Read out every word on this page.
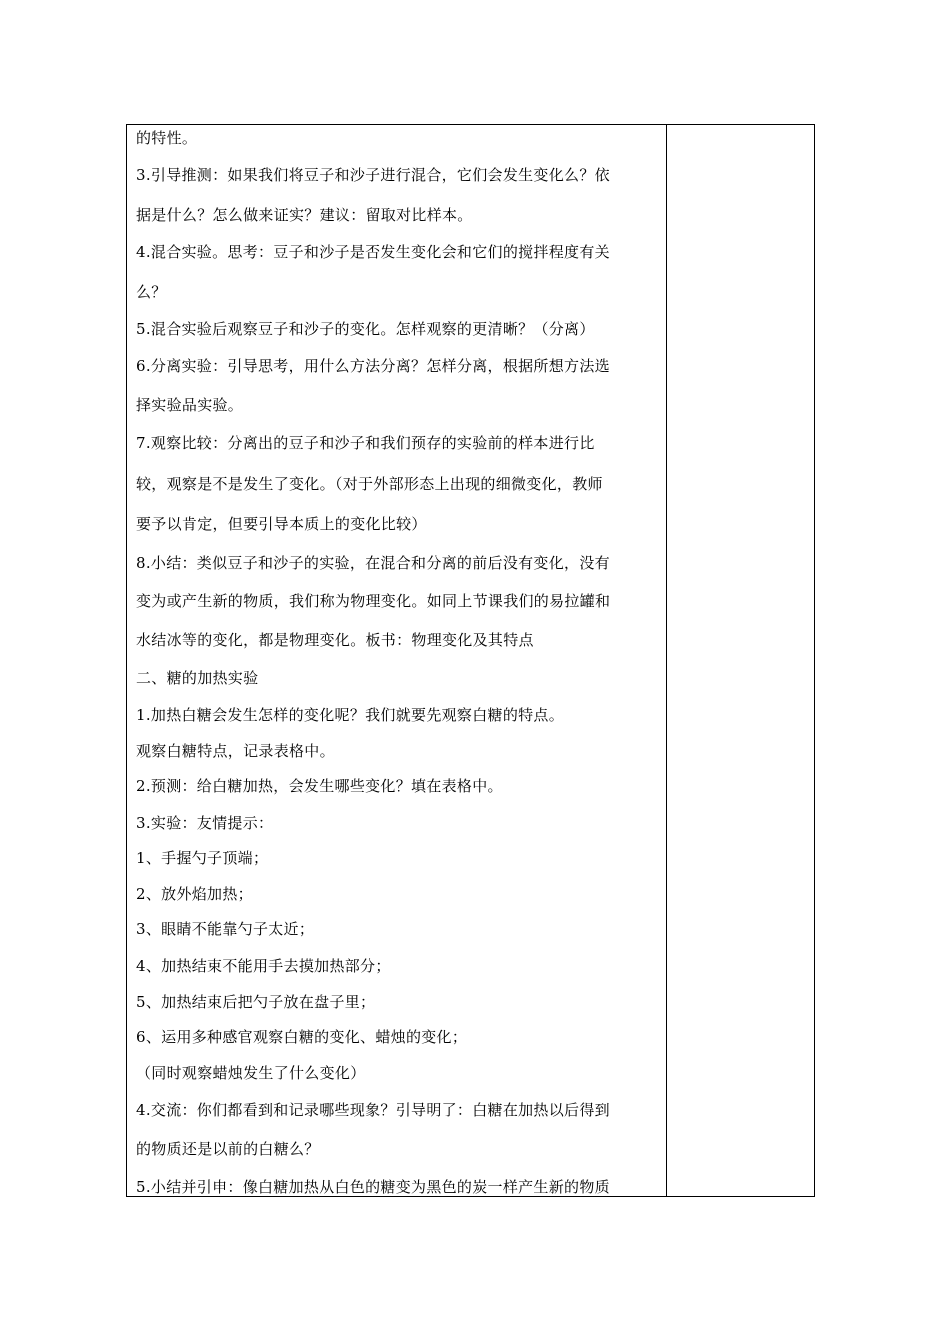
的特性。
3.引导推测：如果我们将豆子和沙子进行混合，它们会发生变化么？依
据是什么？怎么做来证实？建议：留取对比样本。
4.混合实验。思考：豆子和沙子是否发生变化会和它们的搅拌程度有关
么？
5.混合实验后观察豆子和沙子的变化。怎样观察的更清晰？（分离）
6.分离实验：引导思考，用什么方法分离？怎样分离，根据所想方法选
择实验品实验。
7.观察比较：分离出的豆子和沙子和我们预存的实验前的样本进行比
较，观察是不是发生了变化。（对于外部形态上出现的细微变化，教师
要予以肯定，但要引导本质上的变化比较）
8.小结：类似豆子和沙子的实验，在混合和分离的前后没有变化，没有
变为或产生新的物质，我们称为物理变化。如同上节课我们的易拉罐和
水结冰等的变化，都是物理变化。板书：物理变化及其特点
二、糖的加热实验
1.加热白糖会发生怎样的变化呢？我们就要先观察白糖的特点。
观察白糖特点，记录表格中。
2.预测：给白糖加热，会发生哪些变化？填在表格中。
3.实验：友情提示：
1、手握勺子顶端；
2、放外焰加热；
3、眼睛不能靠勺子太近；
4、加热结束不能用手去摸加热部分；
5、加热结束后把勺子放在盘子里；
6、运用多种感官观察白糖的变化、蜡烛的变化；
（同时观察蜡烛发生了什么变化）
4.交流：你们都看到和记录哪些现象？引导明了：白糖在加热以后得到
的物质还是以前的白糖么？
5.小结并引申：像白糖加热从白色的糖变为黑色的炭一样产生新的物质
